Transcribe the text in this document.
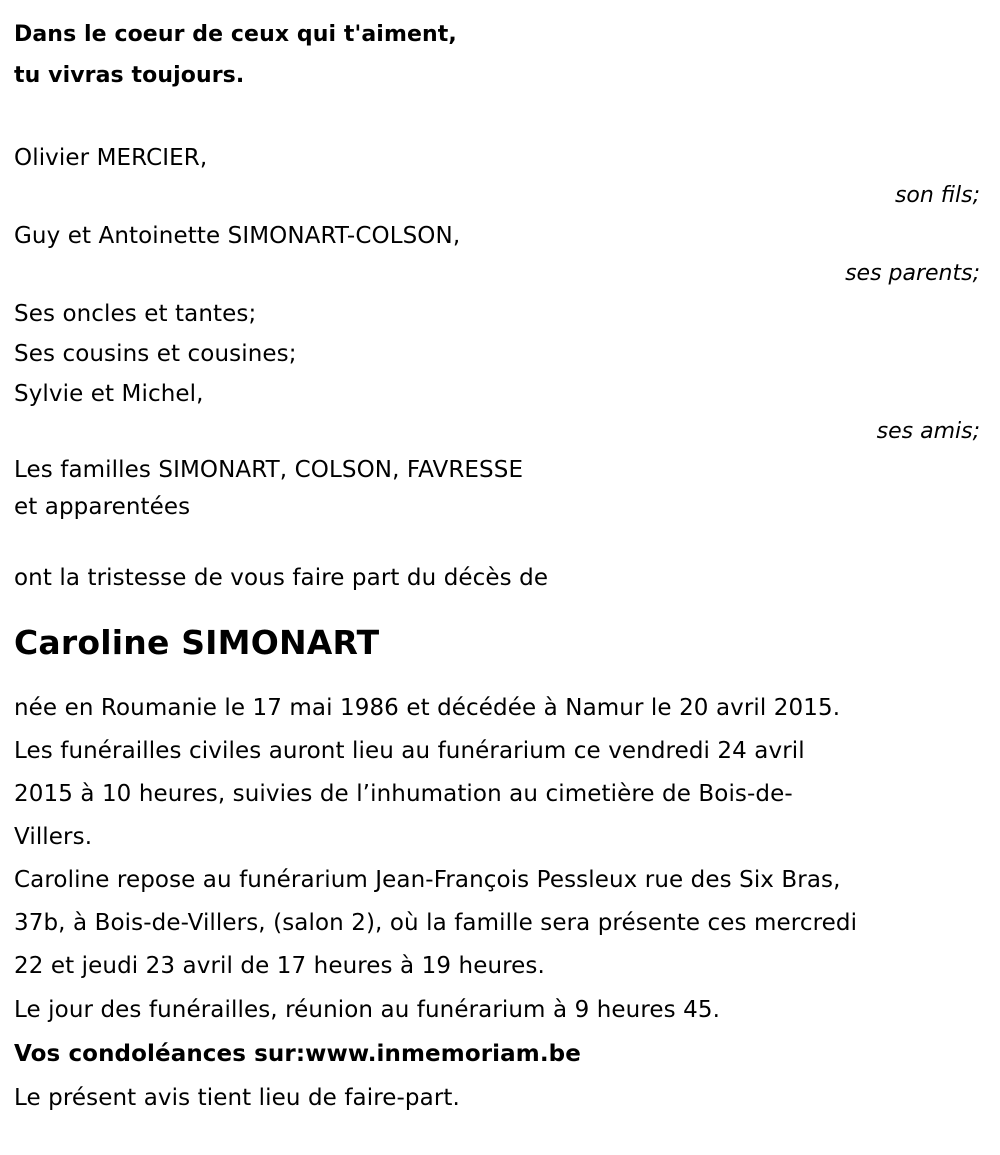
Dans le coeur de ceux qui t'aiment,
tu vivras toujours.
Olivier MERCIER,
son fils;
Guy et Antoinette SIMONART-COLSON,
ses parents;
Ses oncles et tantes;
Ses cousins et cousines;
Sylvie et Michel,
ses amis;
Les familles SIMONART, COLSON, FAVRESSE
et apparentées
ont la tristesse de vous faire part du décès de
Caroline SIMONART
née en Roumanie le 17 mai 1986 et décédée à Namur le 20 avril 2015.
Les funérailles civiles auront lieu au funérarium ce vendredi 24 avril
2015 à 10 heures, suivies de l’inhumation au cimetière de Bois-de-
Villers.
Caroline repose au funérarium Jean-François Pessleux rue des Six Bras,
37b, à Bois-de-Villers, (salon 2), où la famille sera présente ces mercredi
22 et jeudi 23 avril de 17 heures à 19 heures.
Le jour des funérailles, réunion au funérarium à 9 heures 45.
Vos condoléances sur:www.inmemoriam.be
Le présent avis tient lieu de faire-part.
